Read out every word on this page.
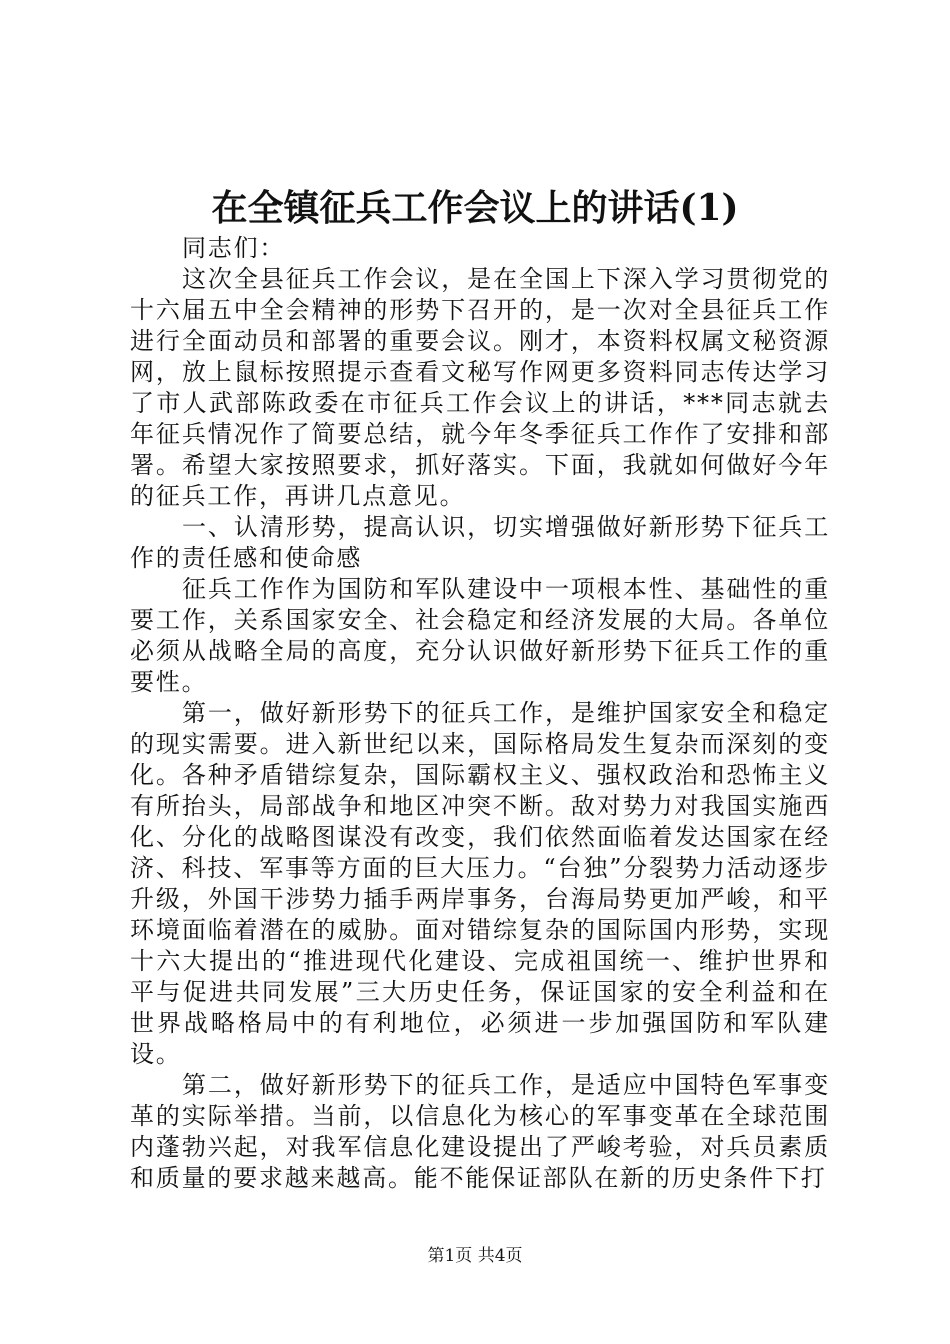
在全镇征兵工作会议上的讲话(1)

同志们：

这次全县征兵工作会议，是在全国上下深入学习贯彻党的十六届五中全会精神的形势下召开的，是一次对全县征兵工作进行全面动员和部署的重要会议。刚才，本资料权属文秘资源网，放上鼠标按照提示查看文秘写作网更多资料同志传达学习了市人武部陈政委在市征兵工作会议上的讲话，***同志就去年征兵情况作了简要总结，就今年冬季征兵工作作了安排和部署。希望大家按照要求，抓好落实。下面，我就如何做好今年的征兵工作，再讲几点意见。

一、认清形势，提高认识，切实增强做好新形势下征兵工作的责任感和使命感

征兵工作作为国防和军队建设中一项根本性、基础性的重要工作，关系国家安全、社会稳定和经济发展的大局。各单位必须从战略全局的高度，充分认识做好新形势下征兵工作的重要性。

第一，做好新形势下的征兵工作，是维护国家安全和稳定的现实需要。进入新世纪以来，国际格局发生复杂而深刻的变化。各种矛盾错综复杂，国际霸权主义、强权政治和恐怖主义有所抬头，局部战争和地区冲突不断。敌对势力对我国实施西化、分化的战略图谋没有改变，我们依然面临着发达国家在经济、科技、军事等方面的巨大压力。“台独”分裂势力活动逐步升级，外国干涉势力插手两岸事务，台海局势更加严峻，和平环境面临着潜在的威胁。面对错综复杂的国际国内形势，实现十六大提出的“推进现代化建设、完成祖国统一、维护世界和平与促进共同发展”三大历史任务，保证国家的安全利益和在世界战略格局中的有利地位，必须进一步加强国防和军队建设。

第二，做好新形势下的征兵工作，是适应中国特色军事变革的实际举措。当前，以信息化为核心的军事变革在全球范围内蓬勃兴起，对我军信息化建设提出了严峻考验，对兵员素质和质量的要求越来越高。能不能保证部队在新的历史条件下打

第1页 共4页
